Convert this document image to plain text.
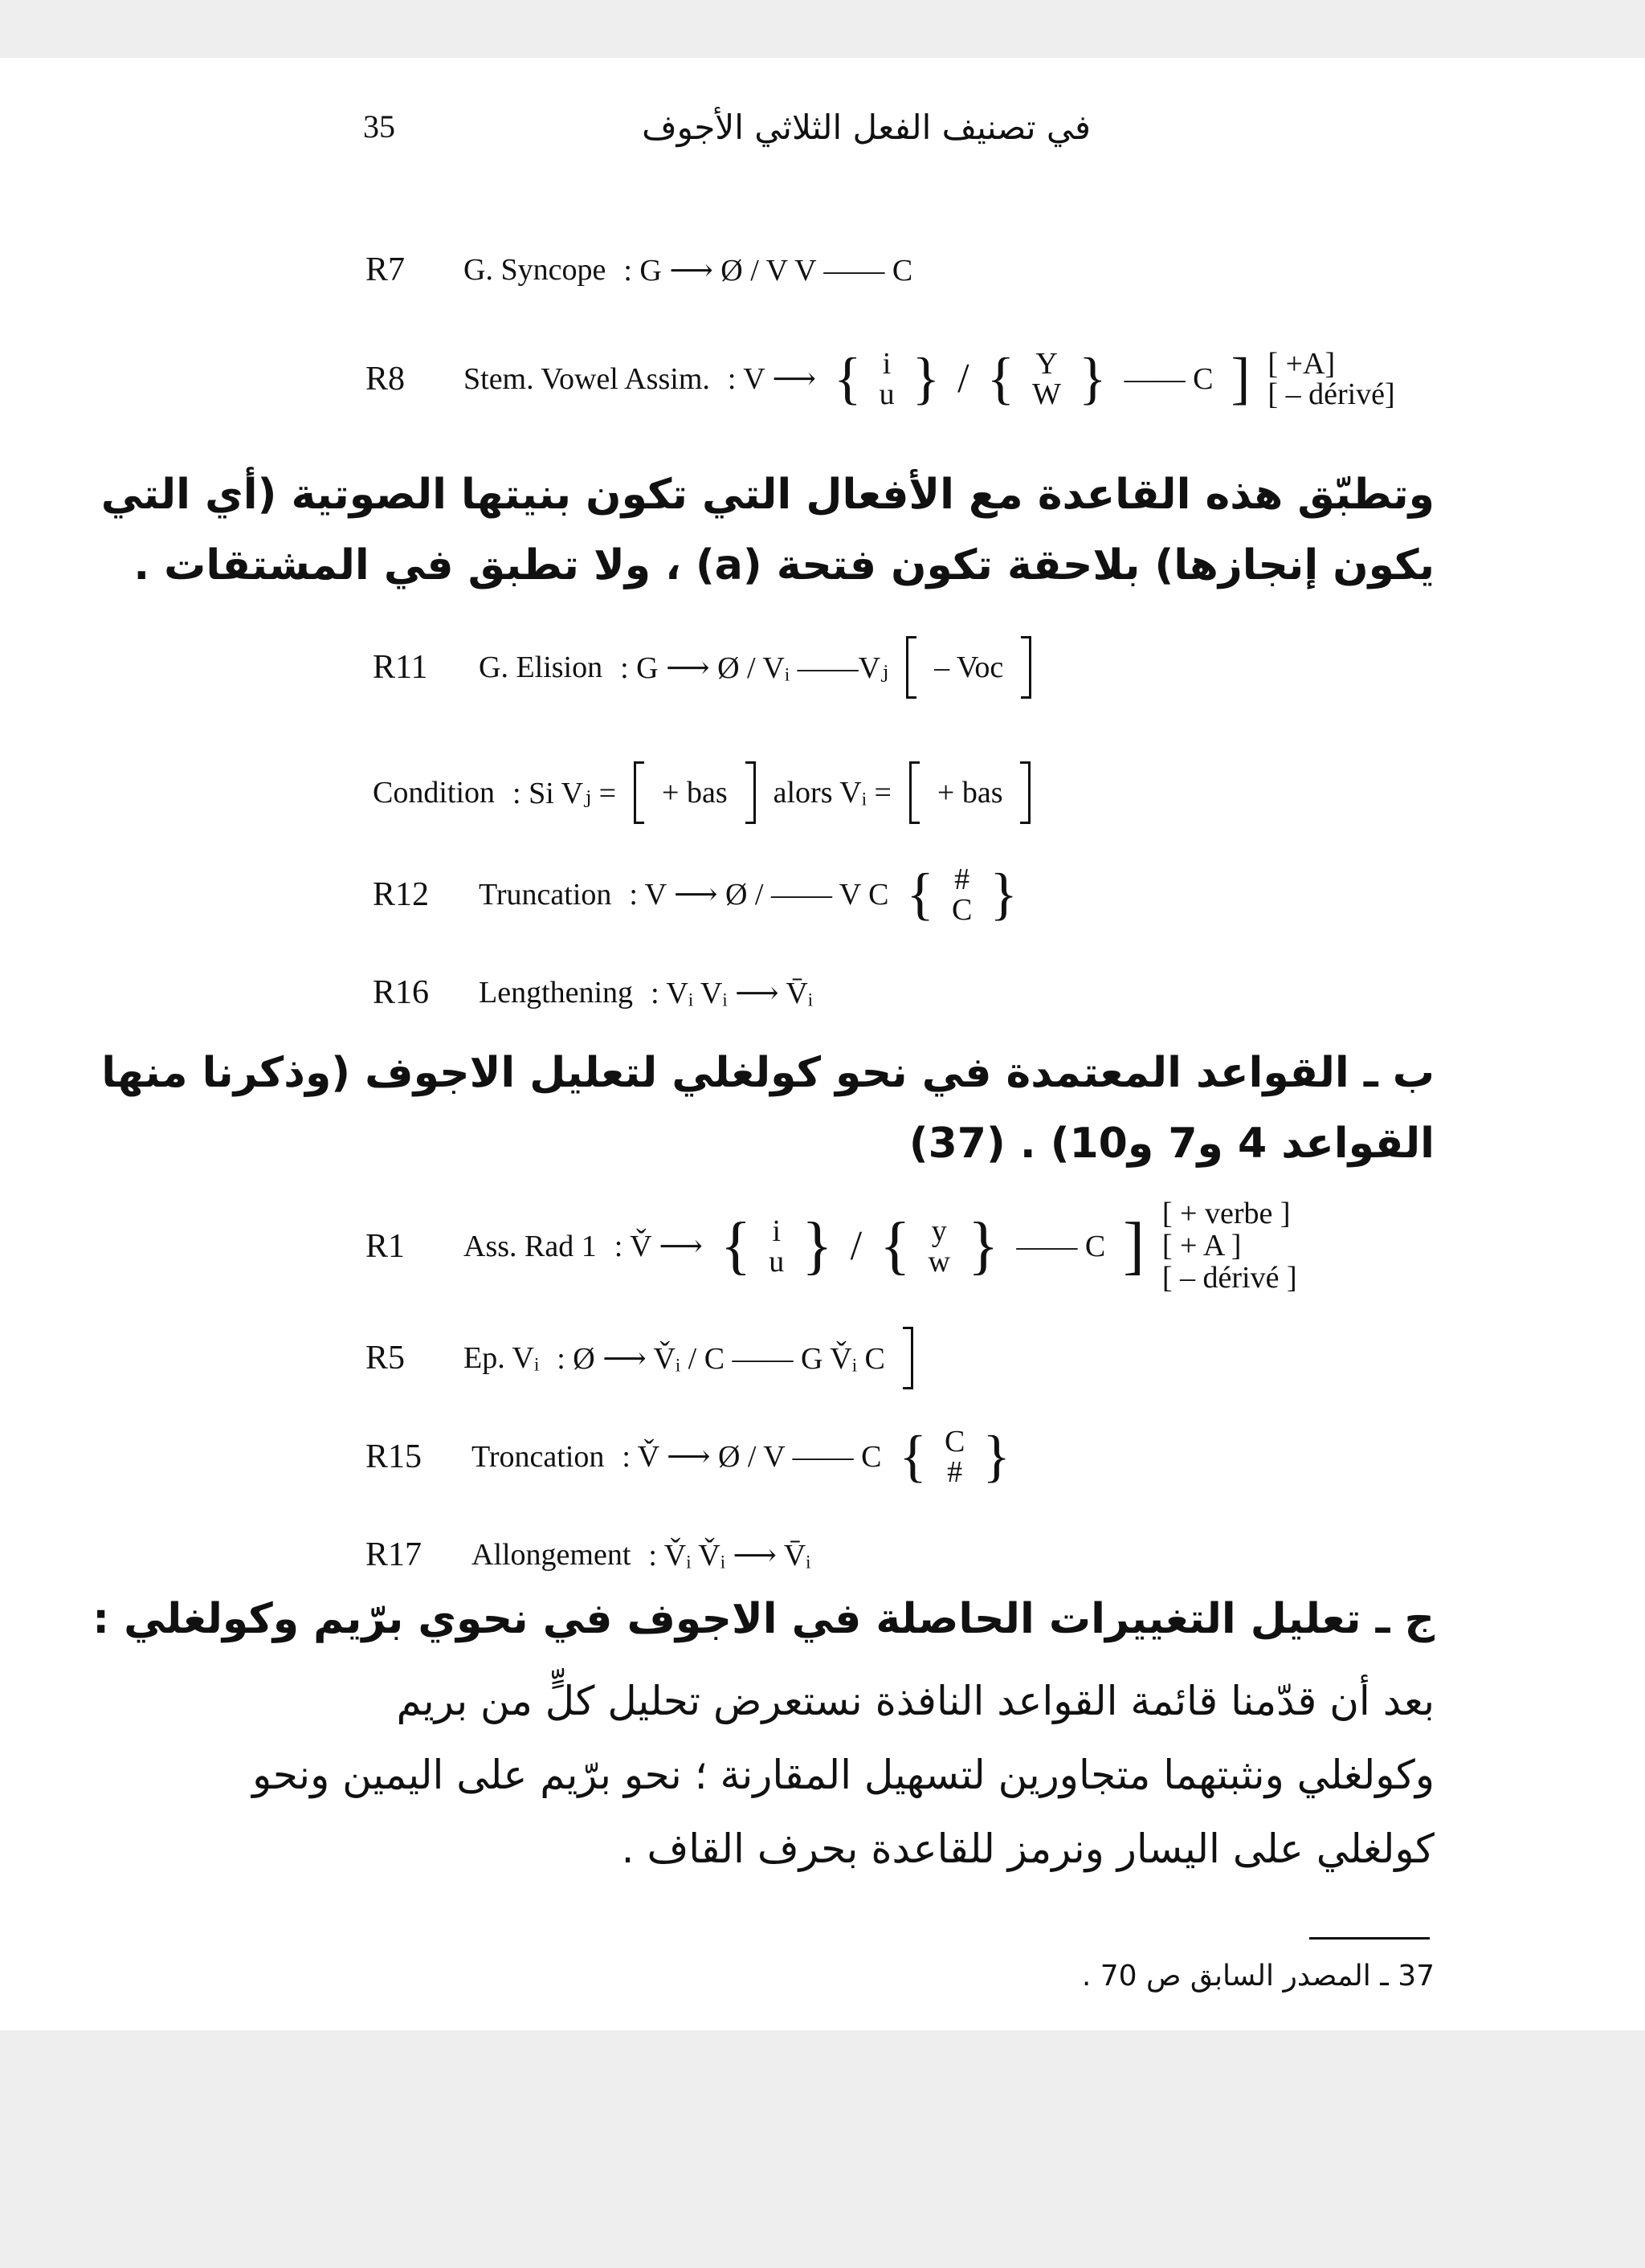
35	في تصنيف الفعل الثلاثي الأجوف
R7	G. Syncope : G ⟶ Ø / V V —— C
R8	Stem. Vowel Assim. : V ⟶ { i
u } / { Y
W } —— C ] [ +A]
[ – dérivé]
وتطبّق هذه القاعدة مع الأفعال التي تكون بنيتها الصوتية (أي التي
يكون إنجازها) بلاحقة تكون فتحة (a) ، ولا تطبق في المشتقات .
R11	G. Elision : G ⟶ Ø / Vᵢ ——Vⱼ – Voc
Condition : Si Vⱼ = + bas alors Vᵢ = + bas
R12	Truncation : V ⟶ Ø / —— V C { #
C }
R16	Lengthening : Vᵢ Vᵢ ⟶ V̄ᵢ
ب ـ القواعد المعتمدة في نحو كولغلي لتعليل الاجوف (وذكرنا منها
القواعد 4 و7 و10) . (37)
R1	Ass. Rad 1 : V̌ ⟶ { i
u } / { y
w } —— C ] [ + verbe ]
[ + A ]
[ – dérivé ]
R5	Ep. Vᵢ : Ø ⟶ V̌ᵢ / C —— G V̌ᵢ C
R15	Troncation : V̌ ⟶ Ø / V —— C { C
# }
R17	Allongement : V̌ᵢ V̌ᵢ ⟶ V̄ᵢ
ج ـ تعليل التغييرات الحاصلة في الاجوف في نحوي برّيم وكولغلي :
بعد أن قدّمنا قائمة القواعد النافذة نستعرض تحليل كلٍّ من بريم
وكولغلي ونثبتهما متجاورين لتسهيل المقارنة ؛ نحو برّيم على اليمين ونحو
كولغلي على اليسار ونرمز للقاعدة بحرف القاف .
37 ـ المصدر السابق ص 70 .
